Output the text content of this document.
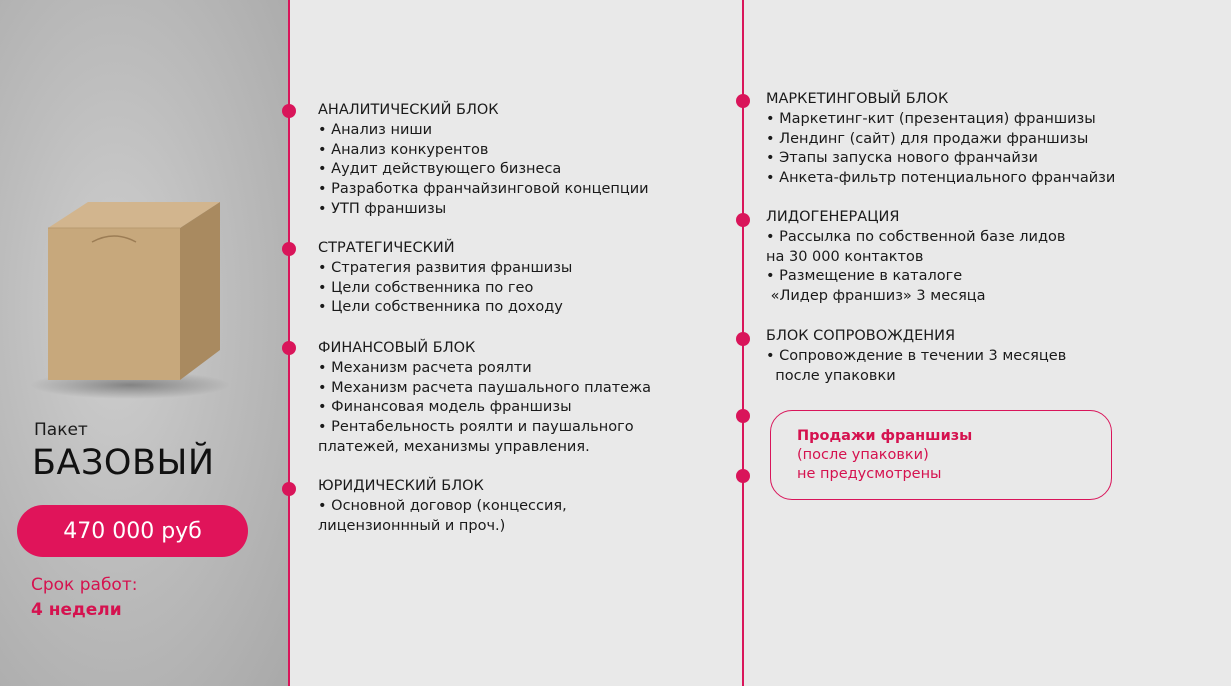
Пакет
БАЗОВЫЙ
470 000 руб
Срок работ:
4 недели
АНАЛИТИЧЕСКИЙ БЛОК
• Анализ ниши
• Анализ конкурентов
• Аудит действующего бизнеса
• Разработка франчайзинговой концепции
• УТП франшизы
СТРАТЕГИЧЕСКИЙ
• Стратегия развития франшизы
• Цели собственника по гео
• Цели собственника по доходу
ФИНАНСОВЫЙ БЛОК
• Механизм расчета роялти
• Механизм расчета паушального платежа
• Финансовая модель франшизы
• Рентабельность роялти и паушального
платежей, механизмы управления.
ЮРИДИЧЕСКИЙ БЛОК
• Основной договор (концессия,
лицензионнный и проч.)
МАРКЕТИНГОВЫЙ БЛОК
• Маркетинг-кит (презентация) франшизы
• Лендинг (сайт) для продажи франшизы
• Этапы запуска нового франчайзи
• Анкета-фильтр потенциального франчайзи
ЛИДОГЕНЕРАЦИЯ
• Рассылка по собственной базе лидов
на 30 000 контактов
• Размещение в каталоге
«Лидер франшиз» 3 месяца
БЛОК СОПРОВОЖДЕНИЯ
• Сопровождение в течении 3 месяцев
после упаковки
Продажи франшизы
(после упаковки)
не предусмотрены
